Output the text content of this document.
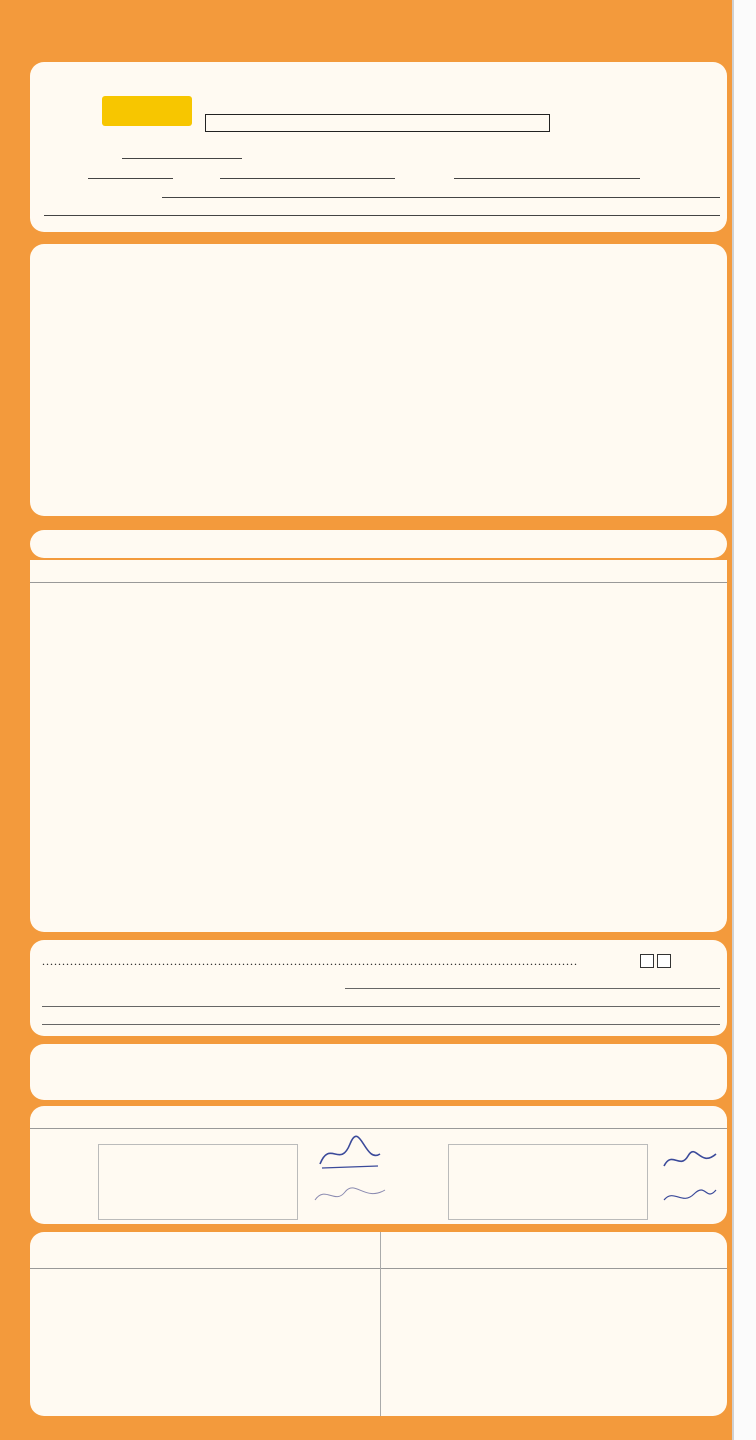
......................................................................................................................................
